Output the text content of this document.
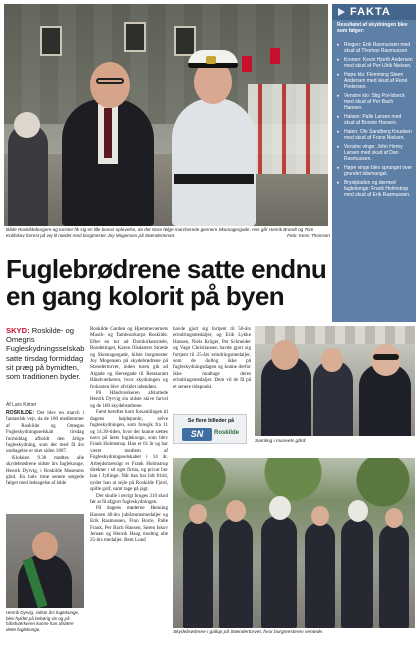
Både Roskildeborgere og turister fik sig en lille bonus-oplevelse, da det store følge marcherede gennem Skomagergade. Her går Henrik Brandt og Tom Koldskov forrest på vej til mødet med borgmester Joy Mogensen på Stændertorvet.	Foto: Kenn Thomsen
FAKTA
Resultatet af skydningen blev som følger:
▸ Ringen: Erik Rasmussen med skud af Thomas Rasmussen.
▸ Kronen: Kevin Hjorth Andersen med skud af Per-Ulrik Nielsen.
▸ Højre klo: Flemming Steen Andersen med skud af René Pedersen.
▸ Venstre klo: Stig Pol-Isbeck med skud af Per Bach Hansen.
▸ Halsen: Palle Larsen med skud af Bonnie Hansen.
▸ Halen: Ole Sandberg Knudsen med skud af Frans Nielsen.
▸ Venstre vinge: John Henry Larsen med skud af Dan Rasmussen.
▸ Højre vinge blev sprunget over grundet tidsmangel.
▸ Brystpladen og dermed fuglekonge: Frank Holmstrup med skud af Erik Rasmussen.
Fuglebrødrene satte endnu en gang kolorit på byen
SKYD: Roskilde- og Omegns Fugleskydningsselskab satte tirsdag formiddag sit præg på bymidten, som traditionen byder.
Af Lars Kimer

ROSKILDE: Det blev en march i fantastisk vejr, da de 180 medlemmer af Roskilde og Omegns Fugleskydningsselskab tirsdag formiddag afholdt den årlige fugleskydning, som det med få års undtagelse er sket siden 1807.

Klokken 9.30 mødtes alle skydebrødrene sidste års fuglekonge, Henrik Dyrvig, i Roskilde Museums gård. En halv time senere sørgede følget med ledsagelse af både

Henrik Dyrvig, sidste års fuglekonge, blev hyldet på behørig vis og på håndværkeren kunne han afslære dette fuglekonge.

Roskilde Garden og Hjemmeværnets Musik- og Tambourkorps Roskilde. Efter en tur ad Domkirkestræde, Bondetinget, Karen Olsdatters Stræde og Skomagergade, hilste borgmester Joy Mogensen på skydebrødrene på Stændertorvet, inden turen gik ad Algade og Hersegade til Restaurant Håndværkeren, hvor skydningen og frokosten blev afviklet udendørs.

På Håndværkeren afsluttede Henrik Dyrvig sin sidste skive farvel og de 180 skydebrødrene.

Først herefter kom forsamlingen til dagens højdepunkt, selve fugleskydningen, som foregik fra 11 og 14.30-tiden, hvor der kunne sættes navn på årets fuglekonge, som blev Frank Holmstrup. Han er 61 år og har været medlem af Fugleskydningsselskabet i 14 år. Arbejdsmæssigt er Frank Holmstrup direktør i sit eget firma, og privat bor han i Jyllinge. Når han har lidt fritid, nyder han at sejle på Roskilde Fjord, spille golf, samt tage på jagt.

Der skulle i øvrigt bruges 310 skud før at få afgjort fugleskydningen.

På dagens møderne Henning Hansen 40-års jubilæumsmedaljer og Erik Rasmussen, Finn Borre, Palle Frank, Per Bach Hansen, Søren Iskov Jensen og Henrik Haug modtog alle 25-års medaljer. Bent Lund

havde gjort sig fortjent til 50-års erindringsmedaljer, og Erik Lykke Hansen, Niels Krüger, Per Schneider og Vagn Christiansen havde gjort sig fortjent til 25-års erindringsmedaljer, som de dollog ikke på fugleskydningsdagen og kunne derfor ikke modtage deres erindringsmedaljer. Dem vil de få på et senere tidspunkt.

Se flere billeder på
SN	Roskilde
Samling i museets gård.
Skydebrødrene i gallop på Stændertorvet, hvor borgmesteren ventede.
